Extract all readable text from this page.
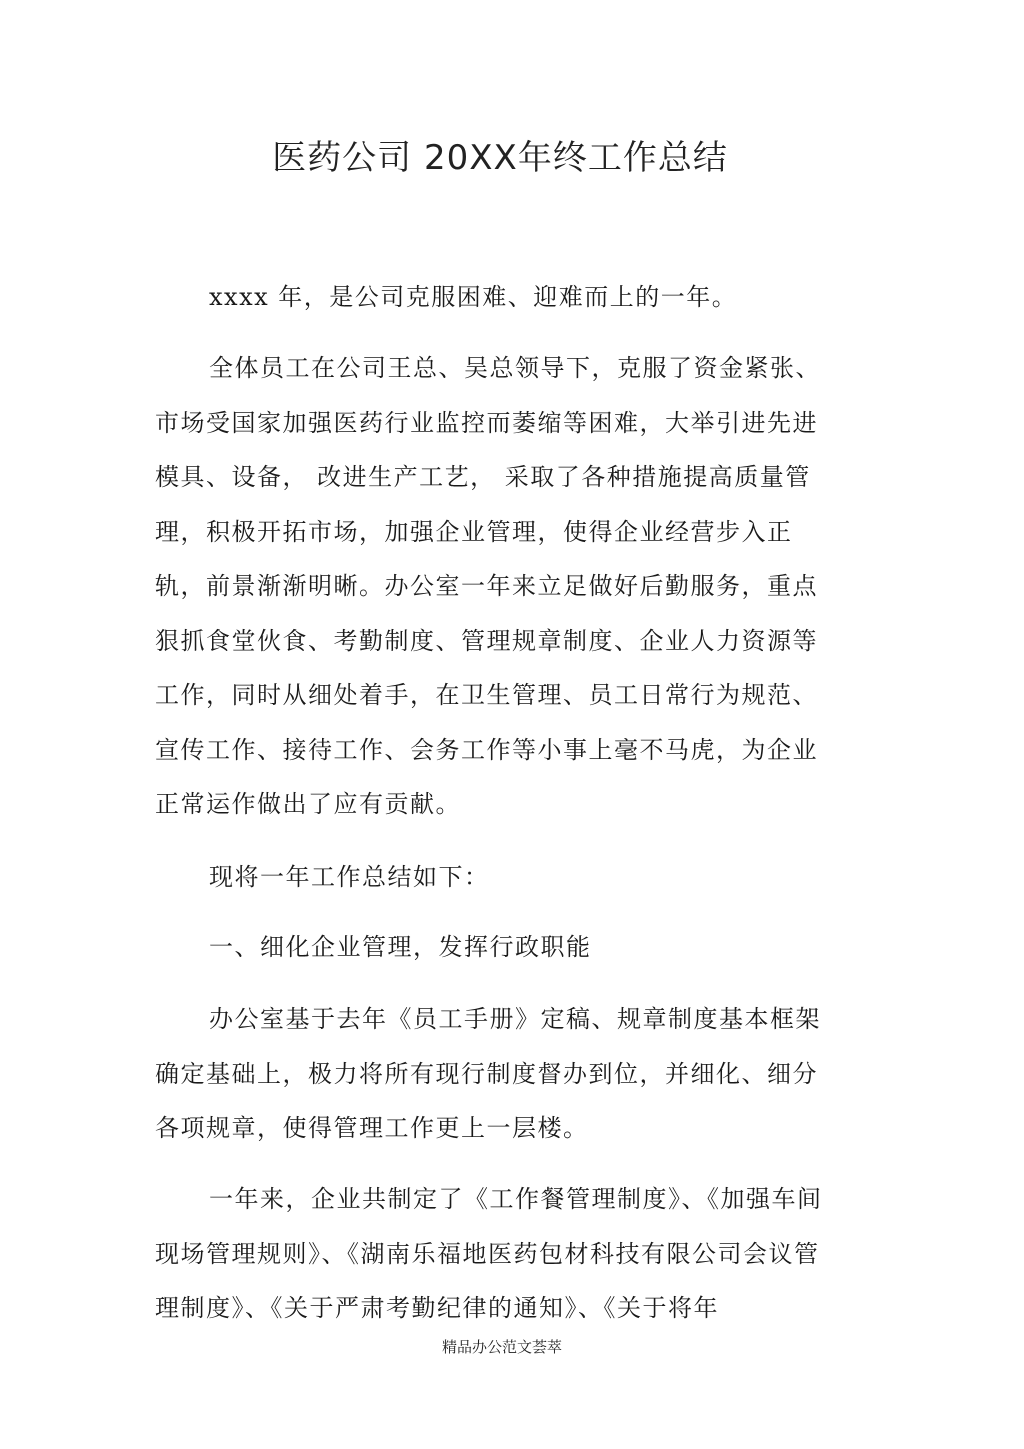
医药公司 20XX年终工作总结

xxxx 年，是公司克服困难、迎难而上的一年。

全体员工在公司王总、吴总领导下，克服了资金紧张、市场受国家加强医药行业监控而萎缩等困难，大举引进先进模具、设备， 改进生产工艺， 采取了各种措施提高质量管理，积极开拓市场，加强企业管理，使得企业经营步入正轨，前景渐渐明晰。办公室一年来立足做好后勤服务，重点狠抓食堂伙食、考勤制度、管理规章制度、企业人力资源等工作，同时从细处着手，在卫生管理、员工日常行为规范、宣传工作、接待工作、会务工作等小事上毫不马虎，为企业正常运作做出了应有贡献。

现将一年工作总结如下：

一、细化企业管理，发挥行政职能

办公室基于去年《员工手册》定稿、规章制度基本框架确定基础上，极力将所有现行制度督办到位，并细化、细分各项规章，使得管理工作更上一层楼。

一年来，企业共制定了《工作餐管理制度》、《加强车间现场管理规则》、《湖南乐福地医药包材科技有限公司会议管理制度》、《关于严肃考勤纪律的通知》、《关于将年

精品办公范文荟萃
